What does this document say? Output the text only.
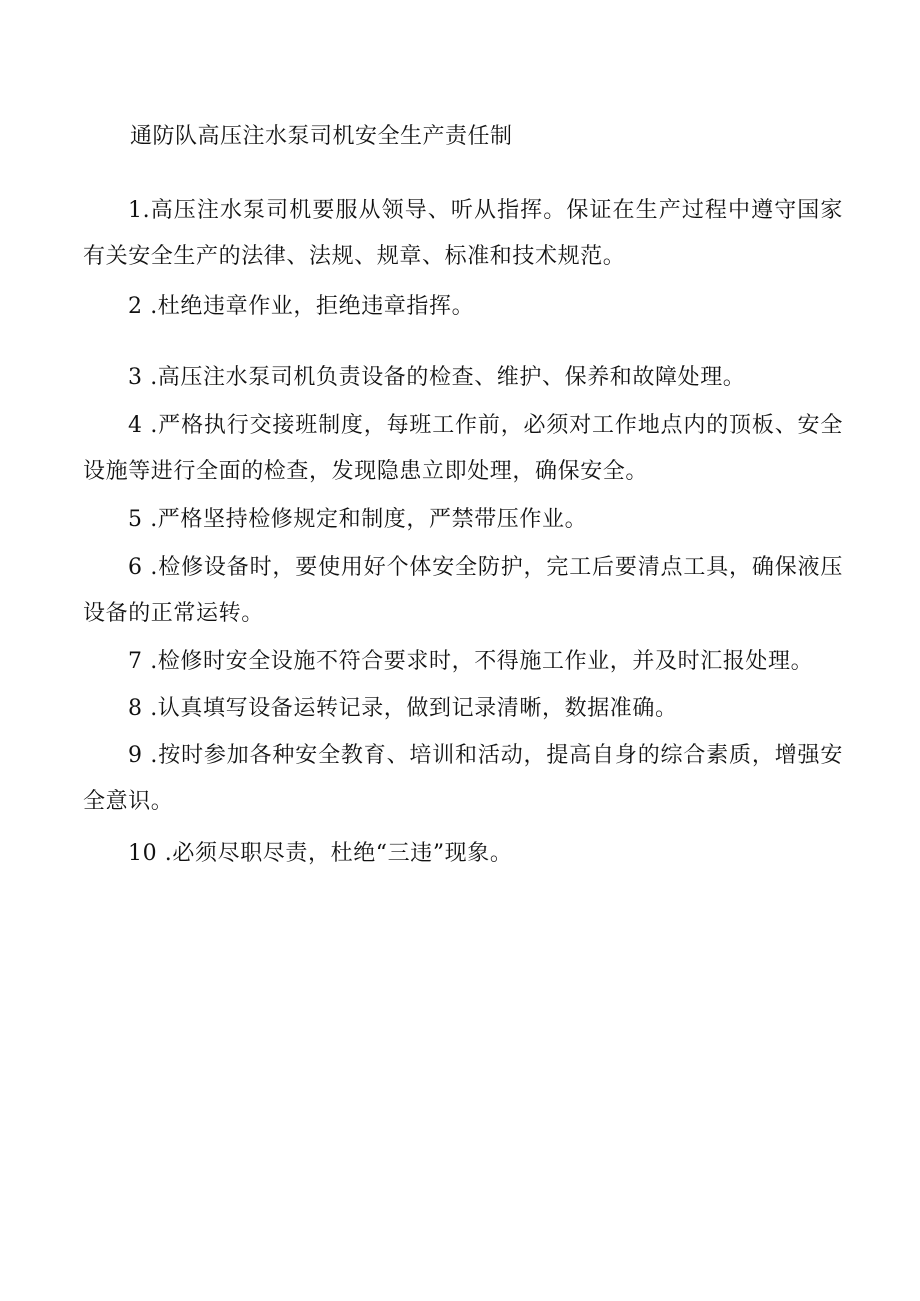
通防队高压注水泵司机安全生产责任制

1.高压注水泵司机要服从领导、听从指挥。保证在生产过程中遵守国家有关安全生产的法律、法规、规章、标准和技术规范。

2 .杜绝违章作业，拒绝违章指挥。

3 .高压注水泵司机负责设备的检查、维护、保养和故障处理。

4 .严格执行交接班制度，每班工作前，必须对工作地点内的顶板、安全设施等进行全面的检查，发现隐患立即处理，确保安全。

5 .严格坚持检修规定和制度，严禁带压作业。

6 .检修设备时，要使用好个体安全防护，完工后要清点工具，确保液压设备的正常运转。

7 .检修时安全设施不符合要求时，不得施工作业，并及时汇报处理。

8 .认真填写设备运转记录，做到记录清晰，数据准确。

9 .按时参加各种安全教育、培训和活动，提高自身的综合素质，增强安全意识。

10 .必须尽职尽责，杜绝“三违”现象。
